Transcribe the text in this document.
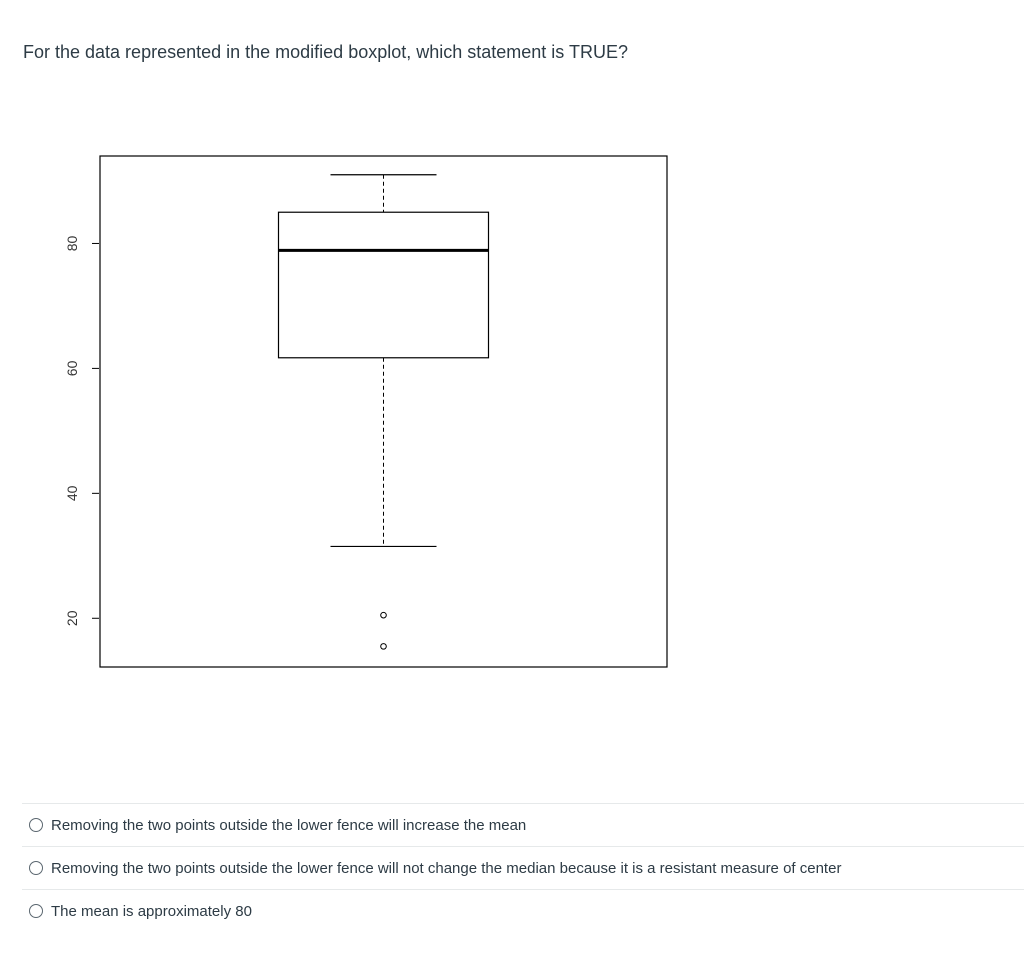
For the data represented in the modified boxplot, which statement is TRUE?
20
40
60
80
Removing the two points outside the lower fence will increase the mean
Removing the two points outside the lower fence will not change the median because it is a resistant measure of center
The mean is approximately 80
